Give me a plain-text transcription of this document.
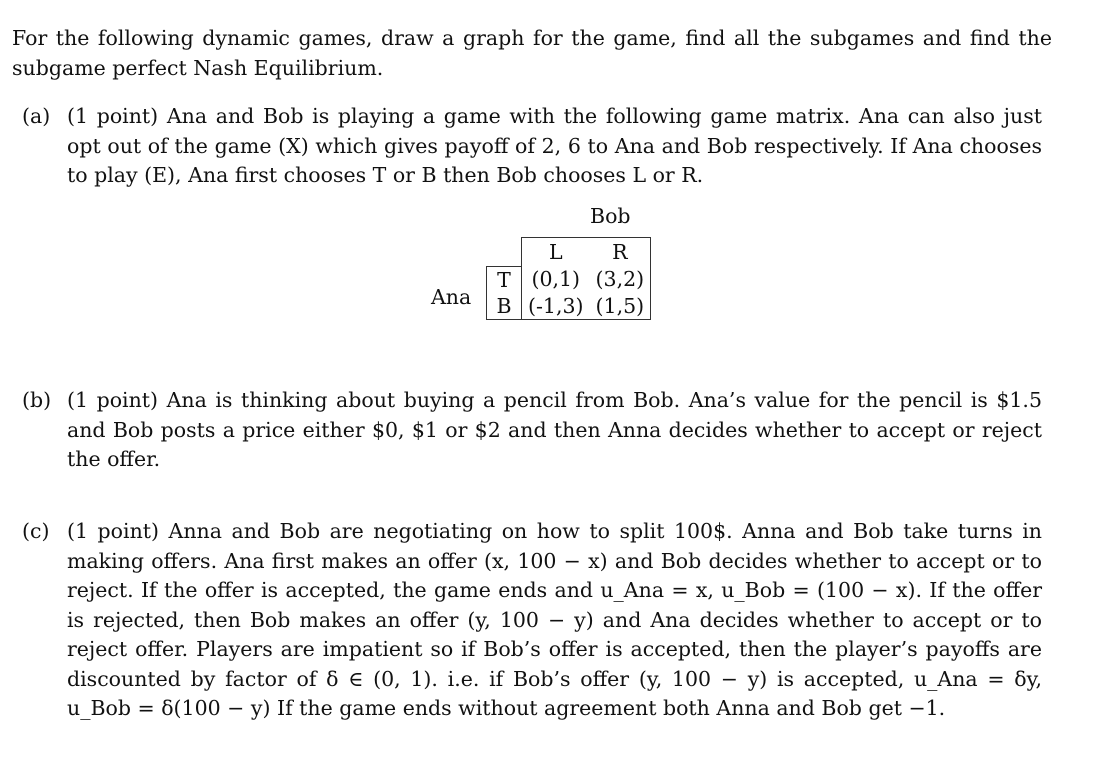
For the following dynamic games, draw a graph for the game, find all the subgames and find the subgame perfect Nash Equilibrium.
(a) (1 point) Ana and Bob is playing a game with the following game matrix. Ana can also just opt out of the game (X) which gives payoff of 2, 6 to Ana and Bob respectively. If Ana chooses to play (E), Ana first chooses T or B then Bob chooses L or R.
Bob
Ana
	L	R
T	(0,1)	(3,2)
B	(-1,3)	(1,5)
(b) (1 point) Ana is thinking about buying a pencil from Bob. Ana’s value for the pencil is $1.5 and Bob posts a price either $0, $1 or $2 and then Anna decides whether to accept or reject the offer.
(c) (1 point) Anna and Bob are negotiating on how to split 100$. Anna and Bob take turns in making offers. Ana first makes an offer (x, 100 − x) and Bob decides whether to accept or to reject. If the offer is accepted, the game ends and u_Ana = x, u_Bob = (100 − x). If the offer is rejected, then Bob makes an offer (y, 100 − y) and Ana decides whether to accept or to reject offer. Players are impatient so if Bob’s offer is accepted, then the player’s payoffs are discounted by factor of δ ∈ (0, 1). i.e. if Bob’s offer (y, 100 − y) is accepted, u_Ana = δy, u_Bob = δ(100 − y) If the game ends without agreement both Anna and Bob get −1.
